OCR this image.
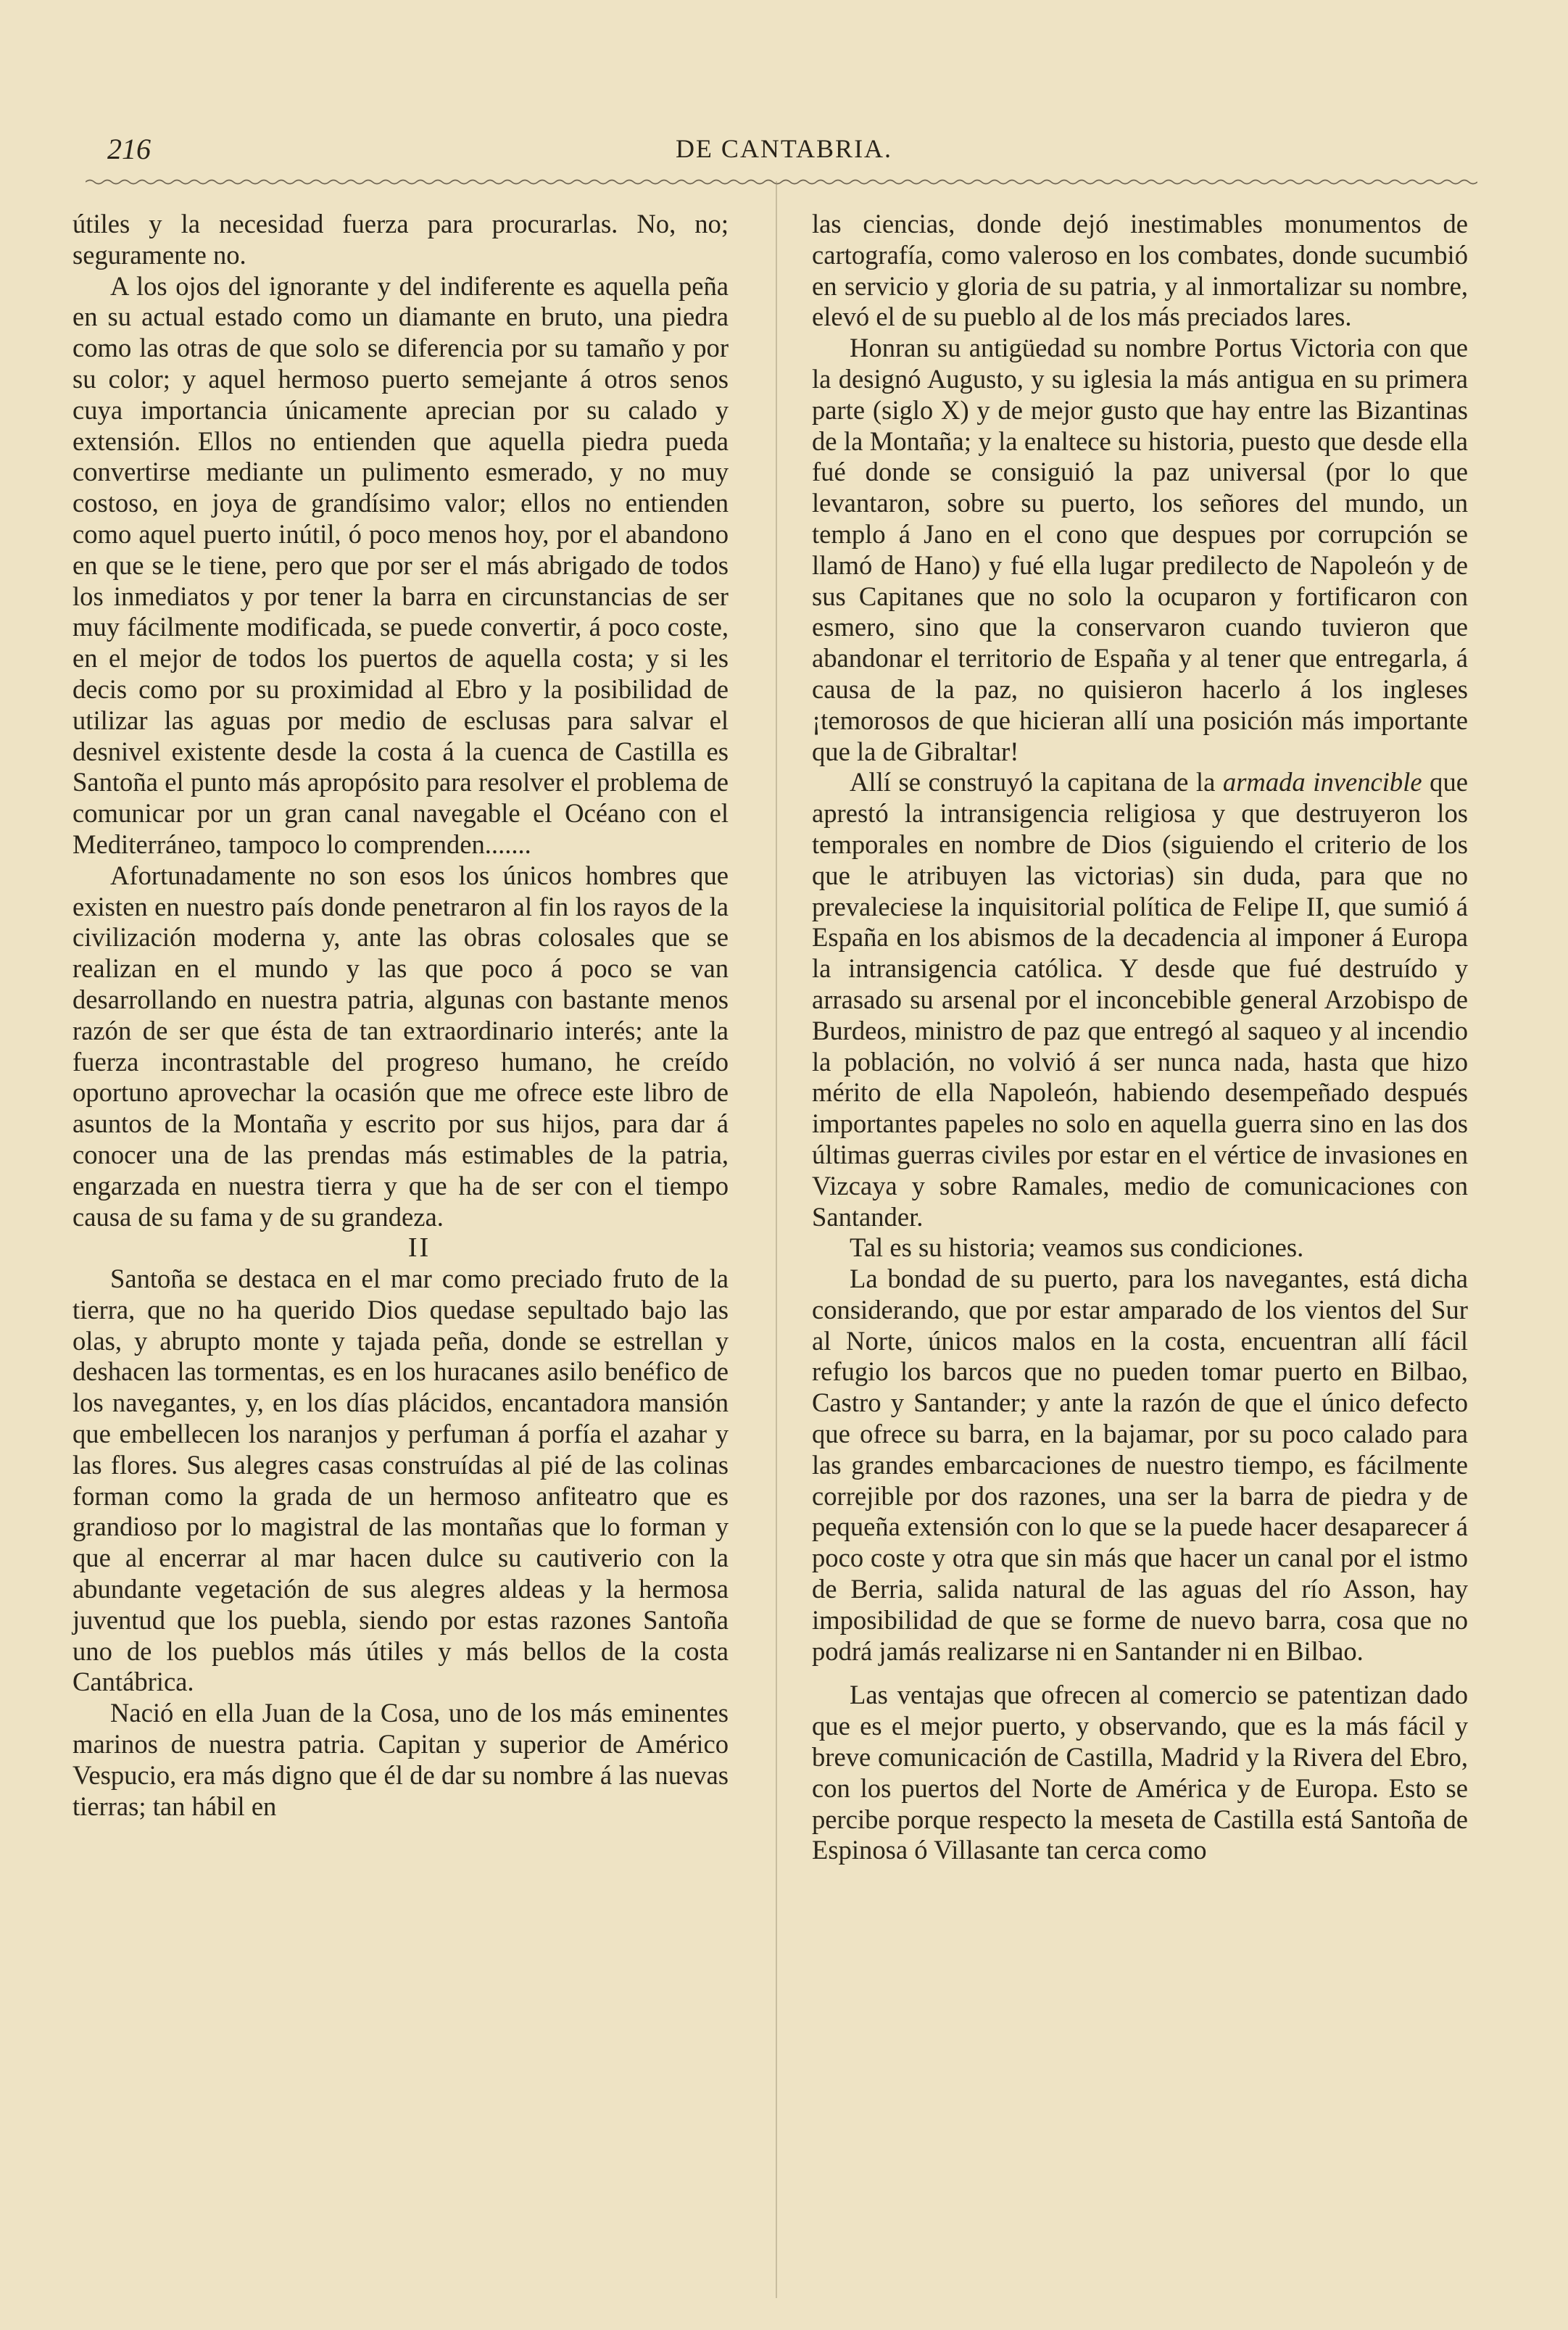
216	DE CANTABRIA.

útiles y la necesidad fuerza para procurarlas. No, no; seguramente no.

A los ojos del ignorante y del indiferente es aquella peña en su actual estado como un diamante en bruto, una piedra como las otras de que solo se diferencia por su tamaño y por su color; y aquel hermoso puerto semejante á otros senos cuya importancia únicamente aprecian por su calado y extensión. Ellos no entienden que aquella piedra pueda convertirse mediante un pulimento esmerado, y no muy costoso, en joya de grandísimo valor; ellos no entienden como aquel puerto inútil, ó poco menos hoy, por el abandono en que se le tiene, pero que por ser el más abrigado de todos los inmediatos y por tener la barra en circunstancias de ser muy fácilmente modificada, se puede convertir, á poco coste, en el mejor de todos los puertos de aquella costa; y si les decis como por su proximidad al Ebro y la posibilidad de utilizar las aguas por medio de esclusas para salvar el desnivel existente desde la costa á la cuenca de Castilla es Santoña el punto más apropósito para resolver el problema de comunicar por un gran canal navegable el Océano con el Mediterráneo, tampoco lo comprenden.......

Afortunadamente no son esos los únicos hombres que existen en nuestro país donde penetraron al fin los rayos de la civilización moderna y, ante las obras colosales que se realizan en el mundo y las que poco á poco se van desarrollando en nuestra patria, algunas con bastante menos razón de ser que ésta de tan extraordinario interés; ante la fuerza incontrastable del progreso humano, he creído oportuno aprovechar la ocasión que me ofrece este libro de asuntos de la Montaña y escrito por sus hijos, para dar á conocer una de las prendas más estimables de la patria, engarzada en nuestra tierra y que ha de ser con el tiempo causa de su fama y de su grandeza.

II

Santoña se destaca en el mar como preciado fruto de la tierra, que no ha querido Dios quedase sepultado bajo las olas, y abrupto monte y tajada peña, donde se estrellan y deshacen las tormentas, es en los huracanes asilo benéfico de los navegantes, y, en los días plácidos, encantadora mansión que embellecen los naranjos y perfuman á porfía el azahar y las flores. Sus alegres casas construídas al pié de las colinas forman como la grada de un hermoso anfiteatro que es grandioso por lo magistral de las montañas que lo forman y que al encerrar al mar hacen dulce su cautiverio con la abundante vegetación de sus alegres aldeas y la hermosa juventud que los puebla, siendo por estas razones Santoña uno de los pueblos más útiles y más bellos de la costa Cantábrica.

Nació en ella Juan de la Cosa, uno de los más eminentes marinos de nuestra patria. Capitan y superior de Américo Vespucio, era más digno que él de dar su nombre á las nuevas tierras; tan hábil en

las ciencias, donde dejó inestimables monumentos de cartografía, como valeroso en los combates, donde sucumbió en servicio y gloria de su patria, y al inmortalizar su nombre, elevó el de su pueblo al de los más preciados lares.

Honran su antigüedad su nombre Portus Victoria con que la designó Augusto, y su iglesia la más antigua en su primera parte (siglo X) y de mejor gusto que hay entre las Bizantinas de la Montaña; y la enaltece su historia, puesto que desde ella fué donde se consiguió la paz universal (por lo que levantaron, sobre su puerto, los señores del mundo, un templo á Jano en el cono que despues por corrupción se llamó de Hano) y fué ella lugar predilecto de Napoleón y de sus Capitanes que no solo la ocuparon y fortificaron con esmero, sino que la conservaron cuando tuvieron que abandonar el territorio de España y al tener que entregarla, á causa de la paz, no quisieron hacerlo á los ingleses ¡temorosos de que hicieran allí una posición más importante que la de Gibraltar!

Allí se construyó la capitana de la armada invencible que aprestó la intransigencia religiosa y que destruyeron los temporales en nombre de Dios (siguiendo el criterio de los que le atribuyen las victorias) sin duda, para que no prevaleciese la inquisitorial política de Felipe II, que sumió á España en los abismos de la decadencia al imponer á Europa la intransigencia católica. Y desde que fué destruído y arrasado su arsenal por el inconcebible general Arzobispo de Burdeos, ministro de paz que entregó al saqueo y al incendio la población, no volvió á ser nunca nada, hasta que hizo mérito de ella Napoleón, habiendo desempeñado después importantes papeles no solo en aquella guerra sino en las dos últimas guerras civiles por estar en el vértice de invasiones en Vizcaya y sobre Ramales, medio de comunicaciones con Santander.

Tal es su historia; veamos sus condiciones.

La bondad de su puerto, para los navegantes, está dicha considerando, que por estar amparado de los vientos del Sur al Norte, únicos malos en la costa, encuentran allí fácil refugio los barcos que no pueden tomar puerto en Bilbao, Castro y Santander; y ante la razón de que el único defecto que ofrece su barra, en la bajamar, por su poco calado para las grandes embarcaciones de nuestro tiempo, es fácilmente correjible por dos razones, una ser la barra de piedra y de pequeña extensión con lo que se la puede hacer desaparecer á poco coste y otra que sin más que hacer un canal por el istmo de Berria, salida natural de las aguas del río Asson, hay imposibilidad de que se forme de nuevo barra, cosa que no podrá jamás realizarse ni en Santander ni en Bilbao.

Las ventajas que ofrecen al comercio se patentizan dado que es el mejor puerto, y observando, que es la más fácil y breve comunicación de Castilla, Madrid y la Rivera del Ebro, con los puertos del Norte de América y de Europa. Esto se percibe porque respecto la meseta de Castilla está Santoña de Espinosa ó Villasante tan cerca como
